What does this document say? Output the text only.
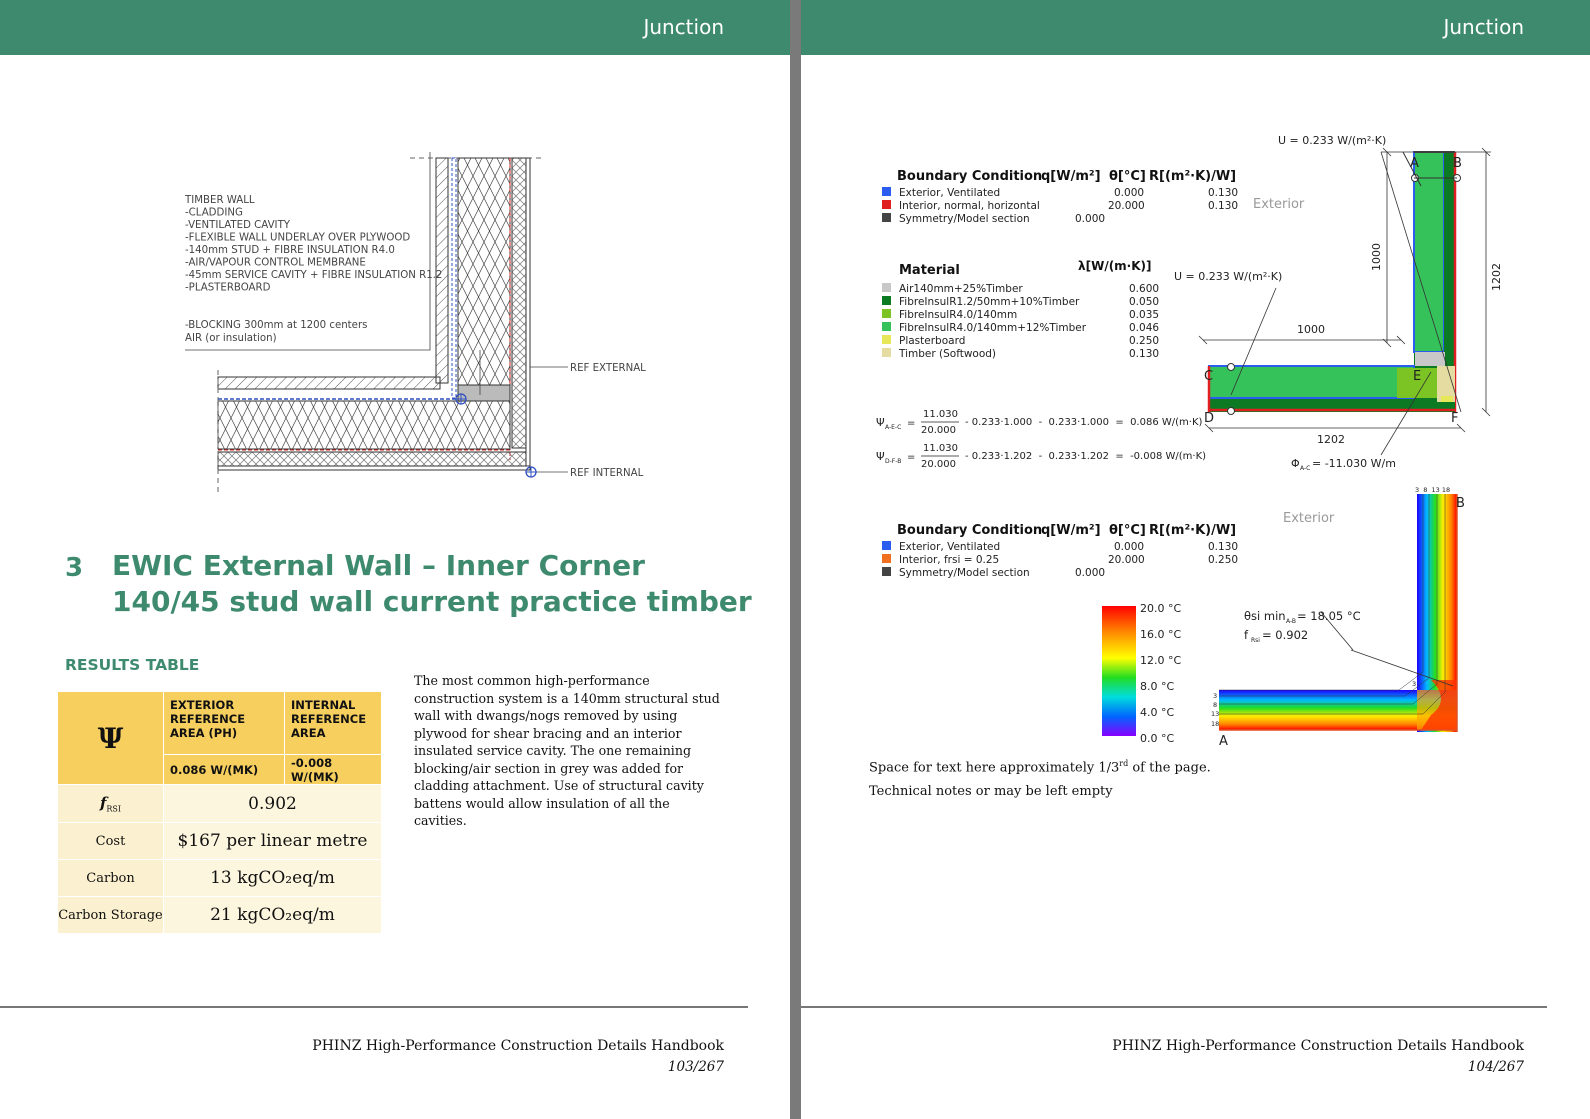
Junction
TIMBER WALL
-CLADDING
-VENTILATED CAVITY
-FLEXIBLE WALL UNDERLAY OVER PLYWOOD
-140mm STUD + FIBRE INSULATION R4.0
-AIR/VAPOUR CONTROL MEMBRANE
-45mm SERVICE CAVITY + FIBRE INSULATION R1.2
-PLASTERBOARD
-BLOCKING 300mm at 1200 centers
AIR (or insulation)
REF EXTERNAL
REF INTERNAL
3 EWIC External Wall – Inner Corner
140/45 stud wall current practice timber
RESULTS TABLE
Ψ	EXTERIOR REFERENCE AREA (PH)	INTERNAL REFERENCE AREA
	0.086 W/(MK)	-0.008 W/(MK)
$f_{RSI}$	0.902	
Cost	$167 per linear metre	
Carbon	13 kgCO₂eq/m	
Carbon Storage	21 kgCO₂eq/m	
The most common high-performance construction system is a 140mm structural stud wall with dwangs/nogs removed by using plywood for shear bracing and an interior insulated service cavity. The one remaining blocking/air section in grey was added for cladding attachment. Use of structural cavity battens would allow insulation of all the cavities.
PHINZ High-Performance Construction Details Handbook
103/267
Junction
Boundary Condition
q[W/m²] θ[°C] R[(m²·K)/W]
Exterior, Ventilated	0.000	0.130
Interior, normal, horizontal	20.000	0.130
Symmetry/Model section	0.000
Exterior
Material	λ[W/(m·K)]
Air140mm+25%Timber	0.600
FibreInsulR1.2/50mm+10%Timber	0.050
FibreInsulR4.0/140mm	0.035
FibreInsulR4.0/140mm+12%Timber	0.046
Plasterboard	0.250
Timber (Softwood)	0.130
U = 0.233 W/(m²·K)
U = 0.233 W/(m²·K)
1000
1000
1202
1202
A	B
C
D
E
F
Ψ A-E-C =
11.030
20.000
- 0.233·1.000  -  0.233·1.000  =  0.086 W/(m·K)
Ψ D-F-B =
11.030
20.000
- 0.233·1.202  -  0.233·1.202  =  -0.008 W/(m·K)
Φ A-C = -11.030 W/m
Boundary Condition
q[W/m²] θ[°C] R[(m²·K)/W]
Exterior, Ventilated	0.000	0.130
Interior, frsi = 0.25	20.000	0.250
Symmetry/Model section	0.000
Exterior
20.0 °C
16.0 °C
12.0 °C
8.0 °C
4.0 °C
0.0 °C
3  8  13 18
3
8
13
18
3
A
B
θsi min A-B = 18.05 °C
f Rsi = 0.902
Space for text here approximately 1/3rd of the page.
Technical notes or may be left empty
PHINZ High-Performance Construction Details Handbook
104/267
